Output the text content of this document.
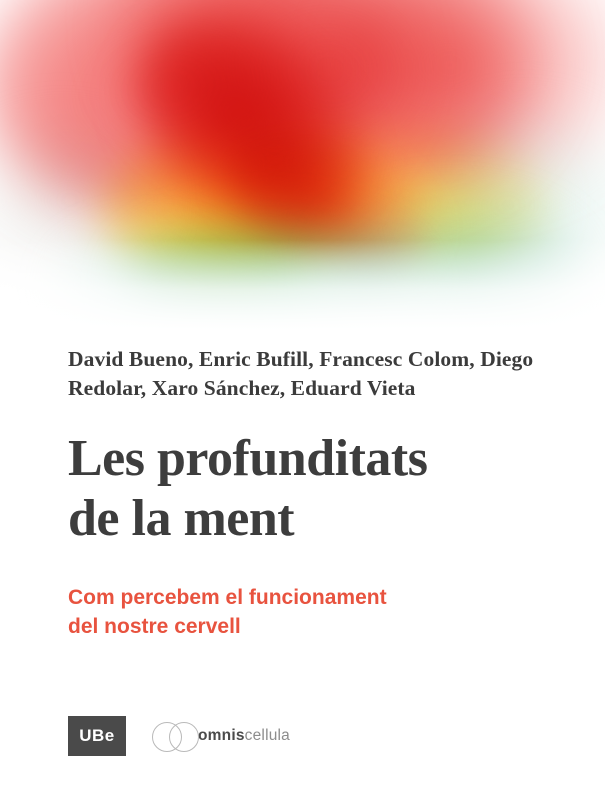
David Bueno, Enric Bufill, Francesc Colom, Diego Redolar, Xaro Sánchez, Eduard Vieta
Les profunditats
de la ment
Com percebem el funcionament
del nostre cervell
UBe	omniscellula
